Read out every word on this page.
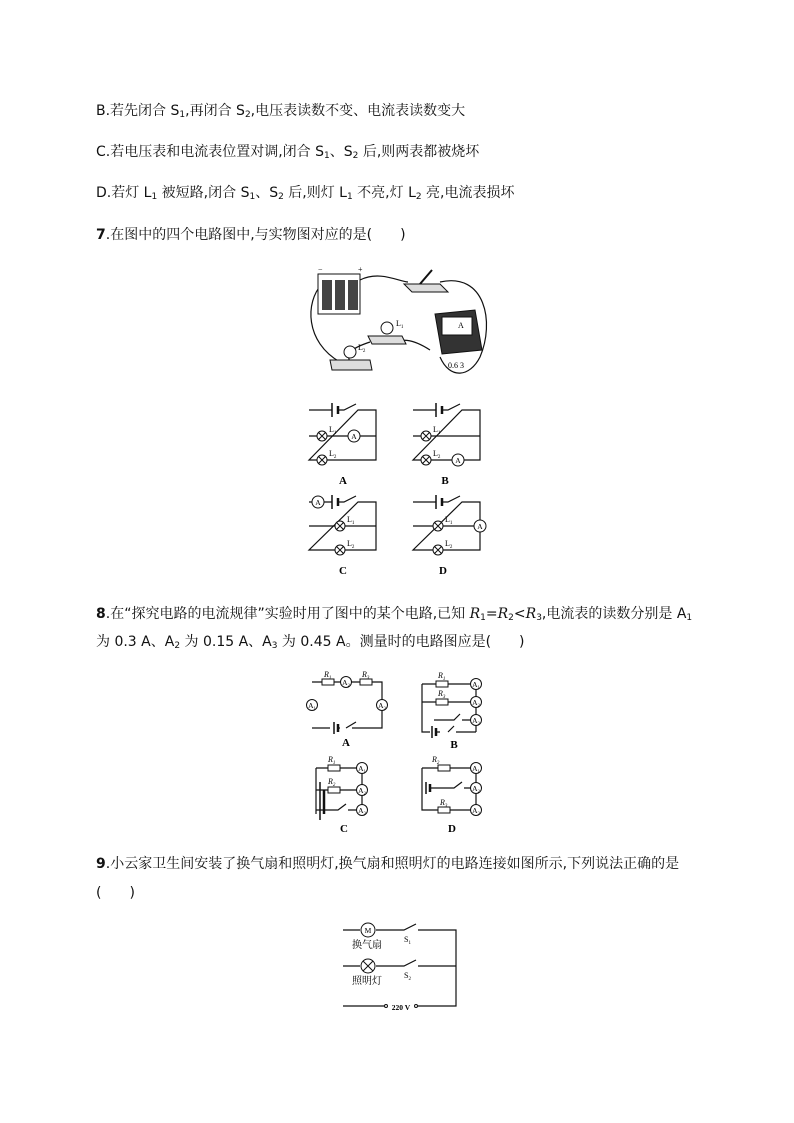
B.若先闭合 $S_1$,再闭合 $S_2$,电压表读数不变、电流表读数变大
C.若电压表和电流表位置对调,闭合 $S_1$、$S_2$ 后,则两表都被烧坏
D.若灯 $L_1$ 被短路,闭合 $S_1$、$S_2$ 后,则灯 $L_1$ 不亮,灯 $L_2$ 亮,电流表损坏
7.在图中的四个电路图中,与实物图对应的是(　　)
−	+
A
0.6 3
$L_1$
$L_2$
A
$L_1$
$L_2$
A
A
$L_1$
$L_2$
B
A
$L_1$
$L_2$
C
A
$L_1$
$L_2$
D
8.在“探究电路的电流规律”实验时用了图中的某个电路,已知 $R_1=R_2<R_3$,电流表的读数分别是 $A_1$
为 0.3 A、$A_2$ 为 0.15 A、$A_3$ 为 0.45 A。测量时的电路图应是(　　)
$A_2$
$A_1$	$A_3$
$R_1$	$R_3$
A
$A_1$
$A_2$
$A_3$
$R_1$
$R_3$
B
$A_1$
$A_2$
$A_3$
$R_1$
$R_2$
C
$A_1$
$A_2$
$A_3$
$R_2$
$R_3$
D
9.小云家卫生间安装了换气扇和照明灯,换气扇和照明灯的电路连接如图所示,下列说法正确的是
(　　)
M
换气扇
照明灯
$S_1$
$S_2$
220 V
